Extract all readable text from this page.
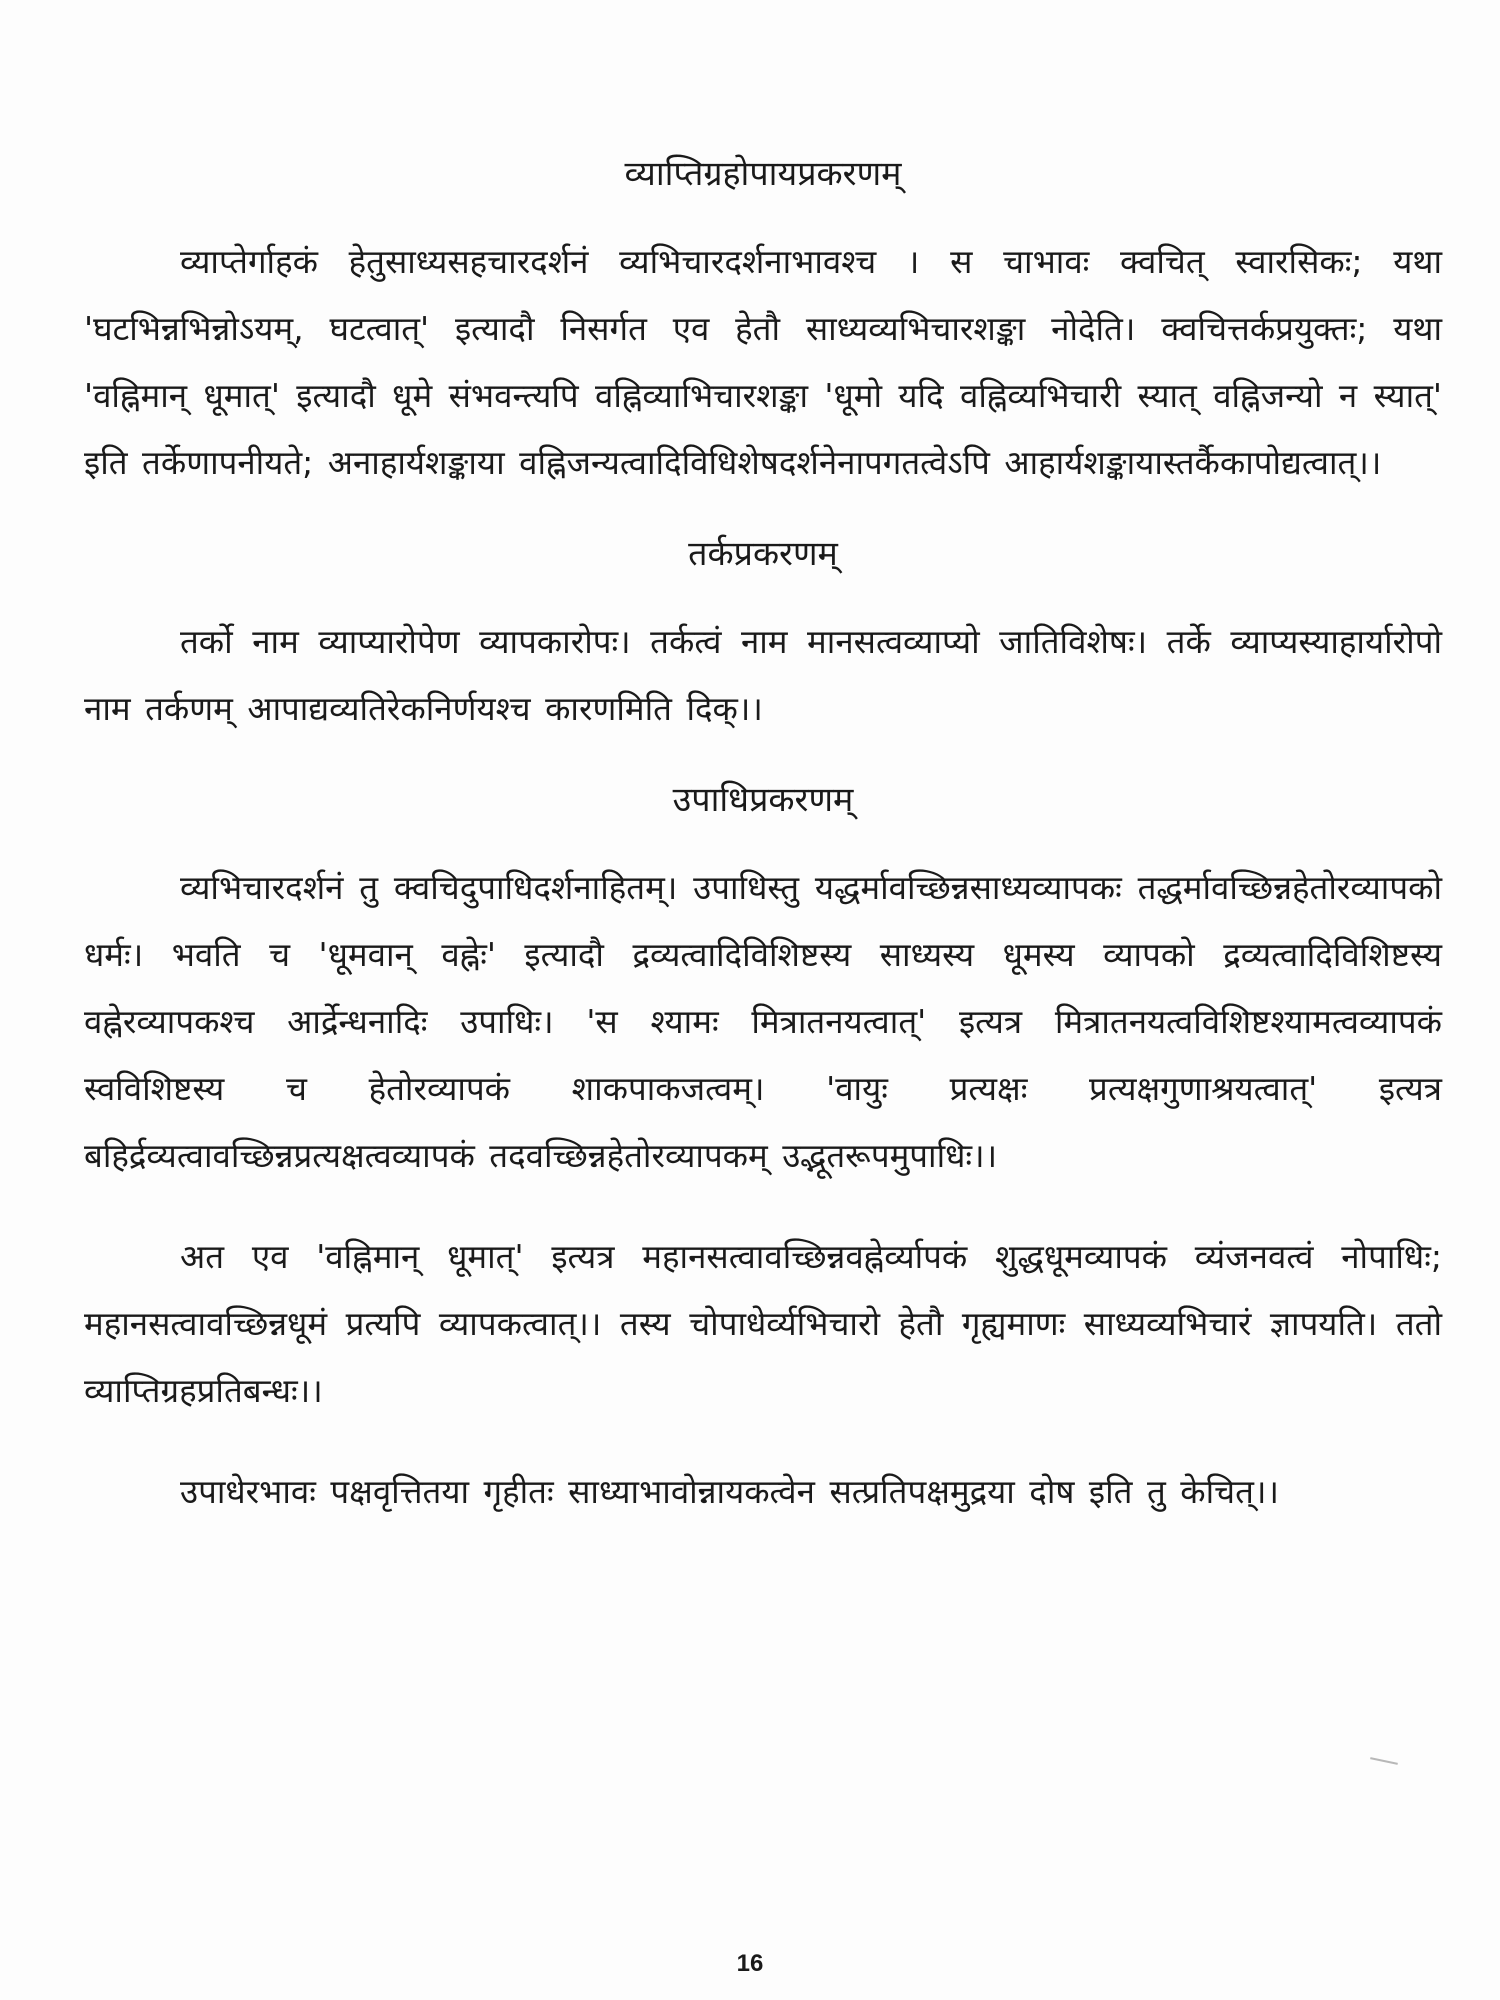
व्याप्तिग्रहोपायप्रकरणम्

व्याप्तेर्गाहकं हेतुसाध्यसहचारदर्शनं व्यभिचारदर्शनाभावश्च । स चाभावः क्वचित् स्वारसिकः; यथा 'घटभिन्नभिन्नोऽयम्, घटत्वात्' इत्यादौ निसर्गत एव हेतौ साध्यव्यभिचारशङ्का नोदेति। क्वचित्तर्कप्रयुक्तः; यथा 'वह्निमान् धूमात्' इत्यादौ धूमे संभवन्त्यपि वह्निव्याभिचारशङ्का 'धूमो यदि वह्निव्यभिचारी स्यात् वह्निजन्यो न स्यात्' इति तर्केणापनीयते; अनाहार्यशङ्काया वह्निजन्यत्वादिविधिशेषदर्शनेनापगतत्वेऽपि आहार्यशङ्कायास्तर्कैकापोद्यत्वात्।।

तर्कप्रकरणम्

तर्को नाम व्याप्यारोपेण व्यापकारोपः। तर्कत्वं नाम मानसत्वव्याप्यो जातिविशेषः। तर्के व्याप्यस्याहार्यारोपो नाम तर्कणम् आपाद्यव्यतिरेकनिर्णयश्च कारणमिति दिक्।।

उपाधिप्रकरणम्

व्यभिचारदर्शनं तु क्वचिदुपाधिदर्शनाहितम्। उपाधिस्तु यद्धर्मावच्छिन्नसाध्यव्यापकः तद्धर्मावच्छिन्नहेतोरव्यापको धर्मः। भवति च 'धूमवान् वह्नेः' इत्यादौ द्रव्यत्वादिविशिष्टस्य साध्यस्य धूमस्य व्यापको द्रव्यत्वादिविशिष्टस्य वह्नेरव्यापकश्च आर्द्रेन्धनादिः उपाधिः। 'स श्यामः मित्रातनयत्वात्' इत्यत्र मित्रातनयत्वविशिष्टश्यामत्वव्यापकं स्वविशिष्टस्य च हेतोरव्यापकं शाकपाकजत्वम्। 'वायुः प्रत्यक्षः प्रत्यक्षगुणाश्रयत्वात्' इत्यत्र बहिर्द्रव्यत्वावच्छिन्नप्रत्यक्षत्वव्यापकं तदवच्छिन्नहेतोरव्यापकम् उद्भूतरूपमुपाधिः।।

अत एव 'वह्निमान् धूमात्' इत्यत्र महानसत्वावच्छिन्नवह्नेर्व्यापकं शुद्धधूमव्यापकं व्यंजनवत्वं नोपाधिः; महानसत्वावच्छिन्नधूमं प्रत्यपि व्यापकत्वात्।। तस्य चोपाधेर्व्यभिचारो हेतौ गृह्यमाणः साध्यव्यभिचारं ज्ञापयति। ततो व्याप्तिग्रहप्रतिबन्धः।।

उपाधेरभावः पक्षवृत्तितया गृहीतः साध्याभावोन्नायकत्वेन सत्प्रतिपक्षमुद्रया दोष इति तु केचित्।।

16
